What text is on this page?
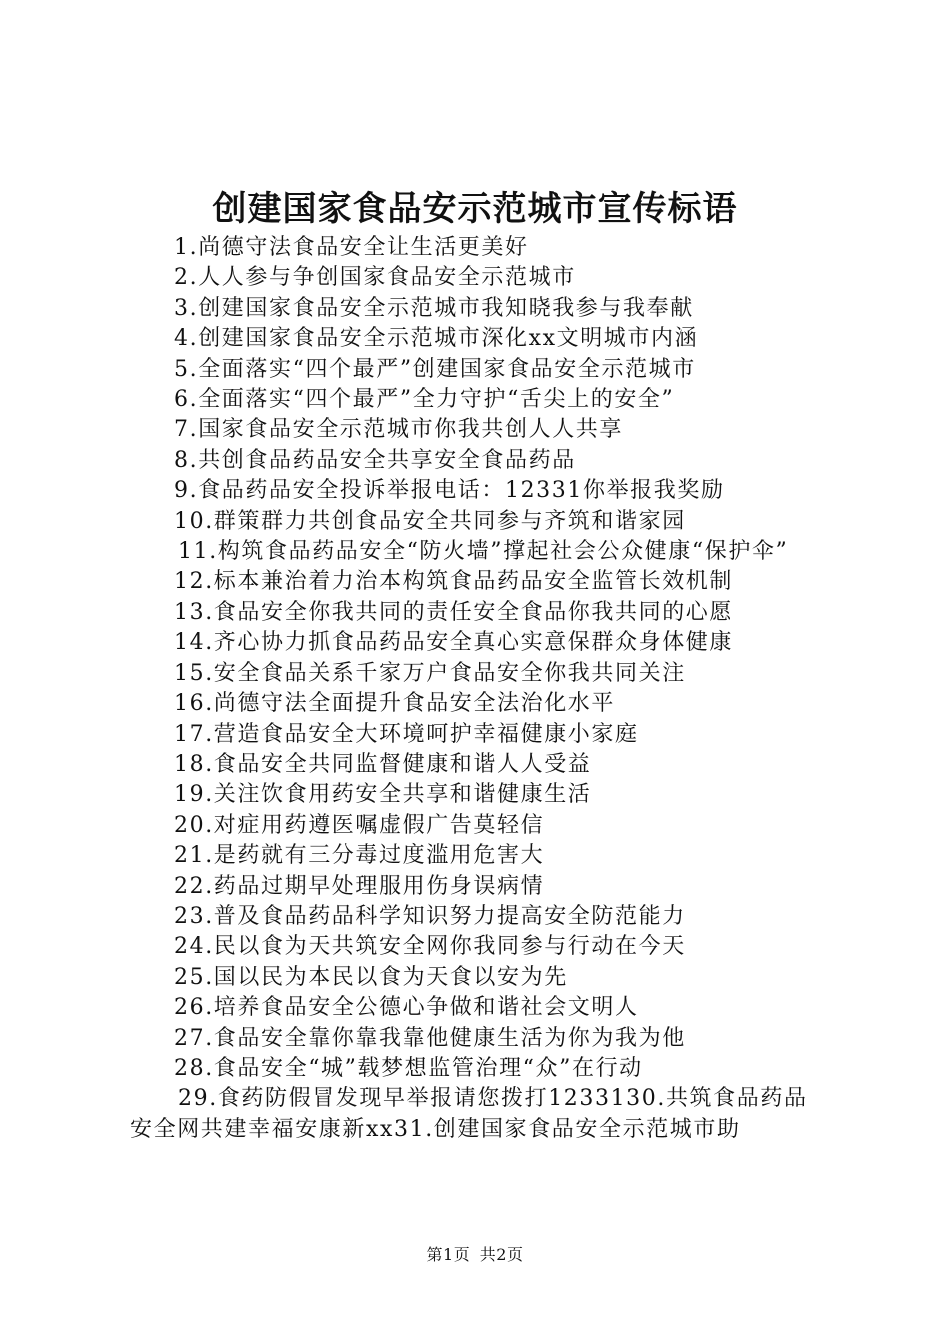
创建国家食品安示范城市宣传标语
1.尚德守法食品安全让生活更美好
2.人人参与争创国家食品安全示范城市
3.创建国家食品安全示范城市我知晓我参与我奉献
4.创建国家食品安全示范城市深化xx文明城市内涵
5.全面落实“四个最严”创建国家食品安全示范城市
6.全面落实“四个最严”全力守护“舌尖上的安全”
7.国家食品安全示范城市你我共创人人共享
8.共创食品药品安全共享安全食品药品
9.食品药品安全投诉举报电话：12331你举报我奖励
10.群策群力共创食品安全共同参与齐筑和谐家园
11.构筑食品药品安全“防火墙”撑起社会公众健康“保护伞”
12.标本兼治着力治本构筑食品药品安全监管长效机制
13.食品安全你我共同的责任安全食品你我共同的心愿
14.齐心协力抓食品药品安全真心实意保群众身体健康
15.安全食品关系千家万户食品安全你我共同关注
16.尚德守法全面提升食品安全法治化水平
17.营造食品安全大环境呵护幸福健康小家庭
18.食品安全共同监督健康和谐人人受益
19.关注饮食用药安全共享和谐健康生活
20.对症用药遵医嘱虚假广告莫轻信
21.是药就有三分毒过度滥用危害大
22.药品过期早处理服用伤身误病情
23.普及食品药品科学知识努力提高安全防范能力
24.民以食为天共筑安全网你我同参与行动在今天
25.国以民为本民以食为天食以安为先
26.培养食品安全公德心争做和谐社会文明人
27.食品安全靠你靠我靠他健康生活为你为我为他
28.食品安全“城”载梦想监管治理“众”在行动
29.食药防假冒发现早举报请您拨打1233130.共筑食品药品安全网共建幸福安康新xx31.创建国家食品安全示范城市助
第1页 共2页
